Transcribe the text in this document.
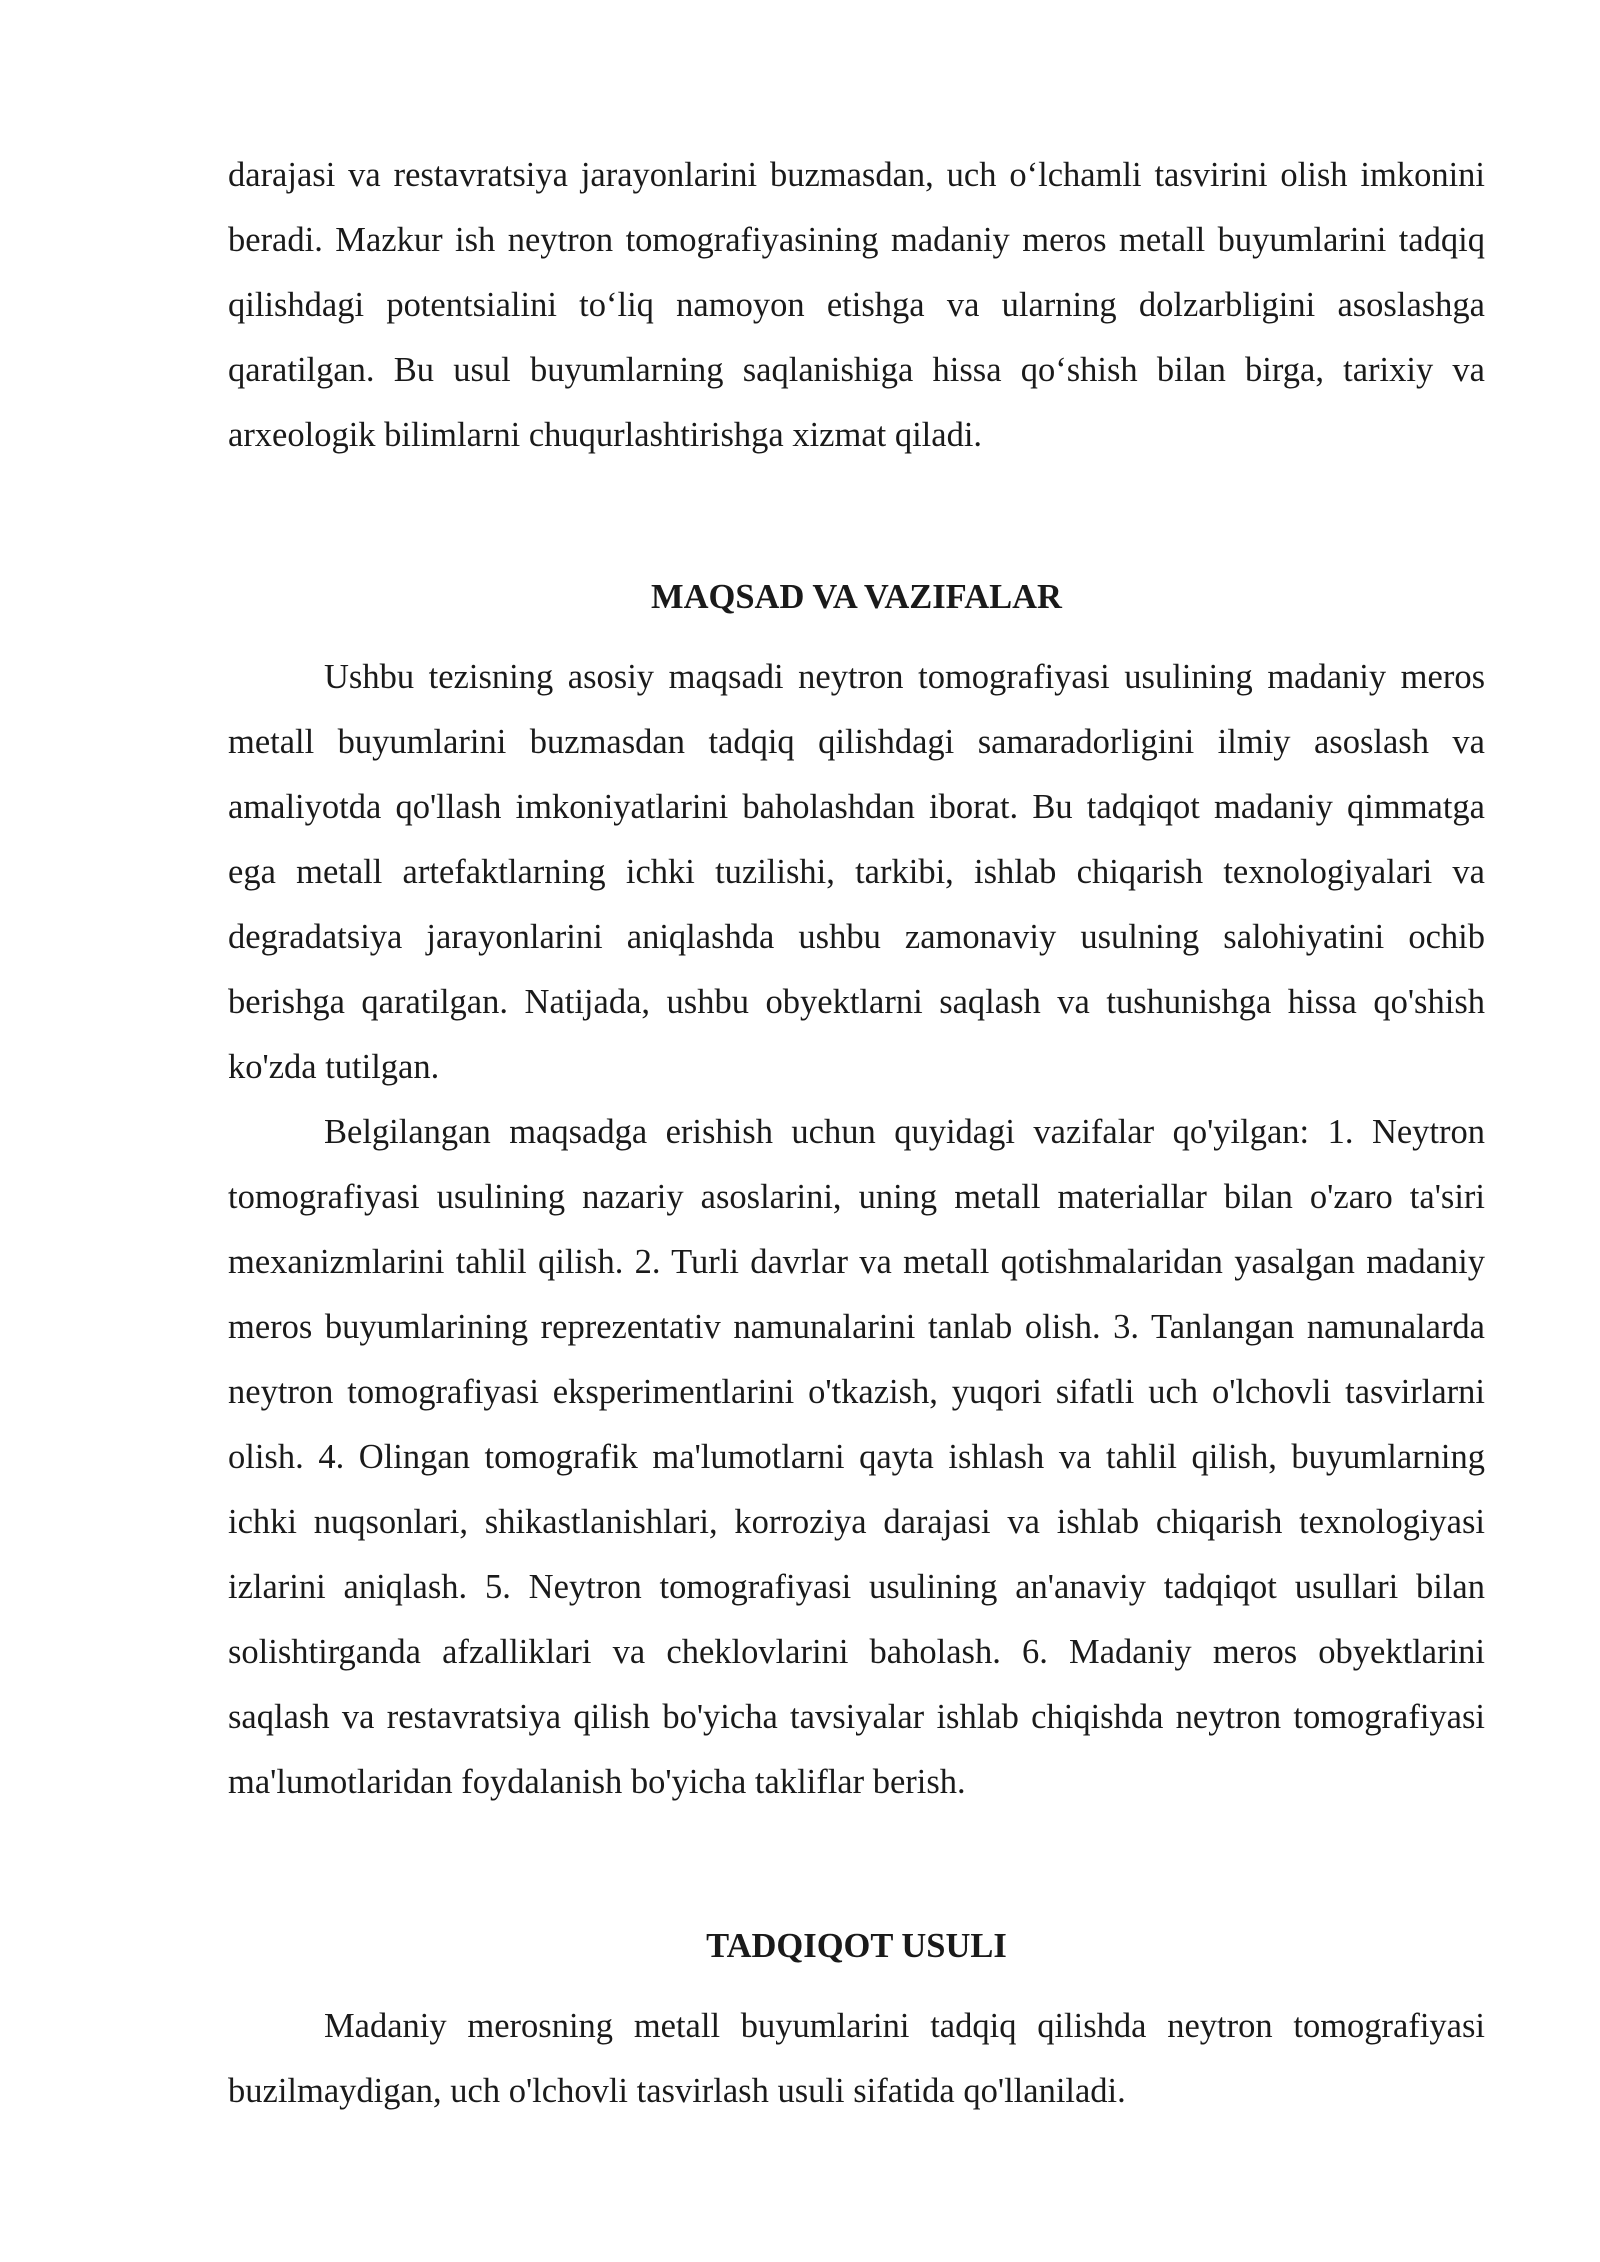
darajasi va restavratsiya jarayonlarini buzmasdan, uch o‘lchamli tasvirini olish imkonini beradi. Mazkur ish neytron tomografiyasining madaniy meros metall buyumlarini tadqiq qilishdagi potentsialini to‘liq namoyon etishga va ularning dolzarbligini asoslashga qaratilgan. Bu usul buyumlarning saqlanishiga hissa qo‘shish bilan birga, tarixiy va arxeologik bilimlarni chuqurlashtirishga xizmat qiladi.

MAQSAD VA VAZIFALAR

Ushbu tezisning asosiy maqsadi neytron tomografiyasi usulining madaniy meros metall buyumlarini buzmasdan tadqiq qilishdagi samaradorligini ilmiy asoslash va amaliyotda qo'llash imkoniyatlarini baholashdan iborat. Bu tadqiqot madaniy qimmatga ega metall artefaktlarning ichki tuzilishi, tarkibi, ishlab chiqarish texnologiyalari va degradatsiya jarayonlarini aniqlashda ushbu zamonaviy usulning salohiyatini ochib berishga qaratilgan. Natijada, ushbu obyektlarni saqlash va tushunishga hissa qo'shish ko'zda tutilgan.

Belgilangan maqsadga erishish uchun quyidagi vazifalar qo'yilgan: 1. Neytron tomografiyasi usulining nazariy asoslarini, uning metall materiallar bilan o'zaro ta'siri mexanizmlarini tahlil qilish. 2. Turli davrlar va metall qotishmalaridan yasalgan madaniy meros buyumlarining reprezentativ namunalarini tanlab olish. 3. Tanlangan namunalarda neytron tomografiyasi eksperimentlarini o'tkazish, yuqori sifatli uch o'lchovli tasvirlarni olish. 4. Olingan tomografik ma'lumotlarni qayta ishlash va tahlil qilish, buyumlarning ichki nuqsonlari, shikastlanishlari, korroziya darajasi va ishlab chiqarish texnologiyasi izlarini aniqlash. 5. Neytron tomografiyasi usulining an'anaviy tadqiqot usullari bilan solishtirganda afzalliklari va cheklovlarini baholash. 6. Madaniy meros obyektlarini saqlash va restavratsiya qilish bo'yicha tavsiyalar ishlab chiqishda neytron tomografiyasi ma'lumotlaridan foydalanish bo'yicha takliflar berish.

TADQIQOT USULI

Madaniy merosning metall buyumlarini tadqiq qilishda neytron tomografiyasi buzilmaydigan, uch o'lchovli tasvirlash usuli sifatida qo'llaniladi.
